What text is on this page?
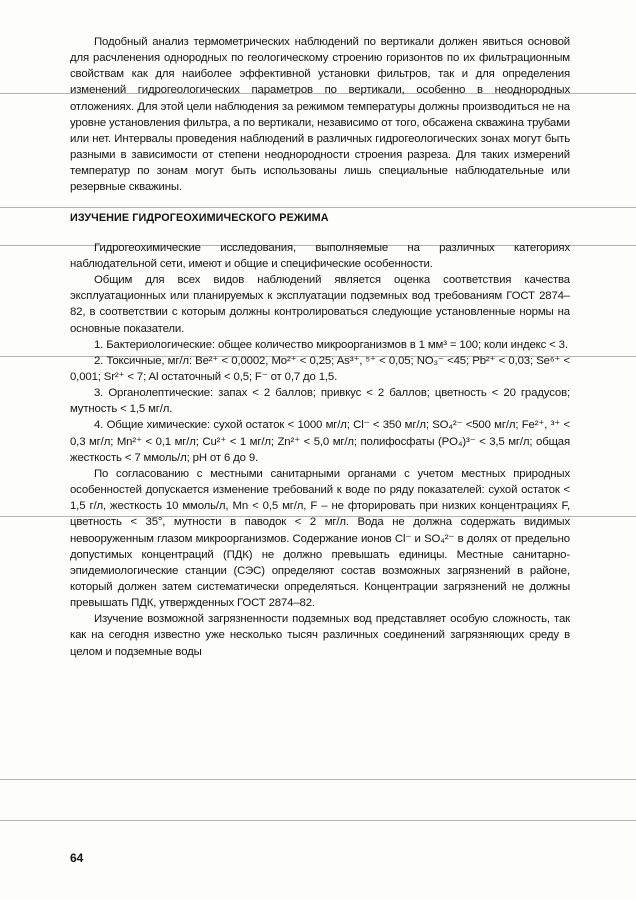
Подобный анализ термометрических наблюдений по вертикали должен явиться основой для расчленения однородных по геологическому строению горизонтов по их фильтрационным свойствам как для наиболее эффективной установки фильтров, так и для определения изменений гидрогеологических параметров по вертикали, особенно в неоднородных отложениях. Для этой цели наблюдения за режимом температуры должны производиться не на уровне установления фильтра, а по вертикали, независимо от того, обсажена скважина трубами или нет. Интервалы проведения наблюдений в различных гидрогеологических зонах могут быть разными в зависимости от степени неоднородности строения разреза. Для таких измерений температур по зонам могут быть использованы лишь специальные наблюдательные или резервные скважины.

ИЗУЧЕНИЕ ГИДРОГЕОХИМИЧЕСКОГО РЕЖИМА

Гидрогеохимические исследования, выполняемые на различных категориях наблюдательной сети, имеют и общие и специфические особенности.

Общим для всех видов наблюдений является оценка соответствия качества эксплуатационных или планируемых к эксплуатации подземных вод требованиям ГОСТ 2874–82, в соответствии с которым должны контролироваться следующие установленные нормы на основные показатели.

1. Бактериологические: общее количество микроорганизмов в 1 мм³ = 100; коли индекс < 3.

2. Токсичные, мг/л: Be²⁺ < 0,0002, Mo²⁺ < 0,25; As³⁺, ⁵⁺ < 0,05; NO₃⁻ <45; Pb²⁺ < 0,03; Se⁶⁺ < 0,001; Sr²⁺ < 7; Al остаточный < 0,5; F⁻ от 0,7 до 1,5.

3. Органолептические: запах < 2 баллов; привкус < 2 баллов; цветность < 20 градусов; мутность < 1,5 мг/л.

4. Общие химические: сухой остаток < 1000 мг/л; Cl⁻ < 350 мг/л; SO₄²⁻ <500 мг/л; Fe²⁺, ³⁺ < 0,3 мг/л; Mn²⁺ < 0,1 мг/л; Cu²⁺ < 1 мг/л; Zn²⁺ < 5,0 мг/л; полифосфаты (PO₄)³⁻ < 3,5 мг/л; общая жесткость < 7 ммоль/л; pH от 6 до 9.

По согласованию с местными санитарными органами с учетом местных природных особенностей допускается изменение требований к воде по ряду показателей: сухой остаток < 1,5 г/л, жесткость 10 ммоль/л, Mn < 0,5 мг/л, F – не фторировать при низких концентрациях F, цветность < 35°, мутности в паводок < 2 мг/л. Вода не должна содержать видимых невооруженным глазом микроорганизмов. Содержание ионов Cl⁻ и SO₄²⁻ в долях от предельно допустимых концентраций (ПДК) не должно превышать единицы. Местные санитарно-эпидемиологические станции (СЭС) определяют состав возможных загрязнений в районе, который должен затем систематически определяться. Концентрации загрязнений не должны превышать ПДК, утвержденных ГОСТ 2874–82.

Изучение возможной загрязненности подземных вод представляет особую сложность, так как на сегодня известно уже несколько тысяч различных соединений загрязняющих среду в целом и подземные воды

64
